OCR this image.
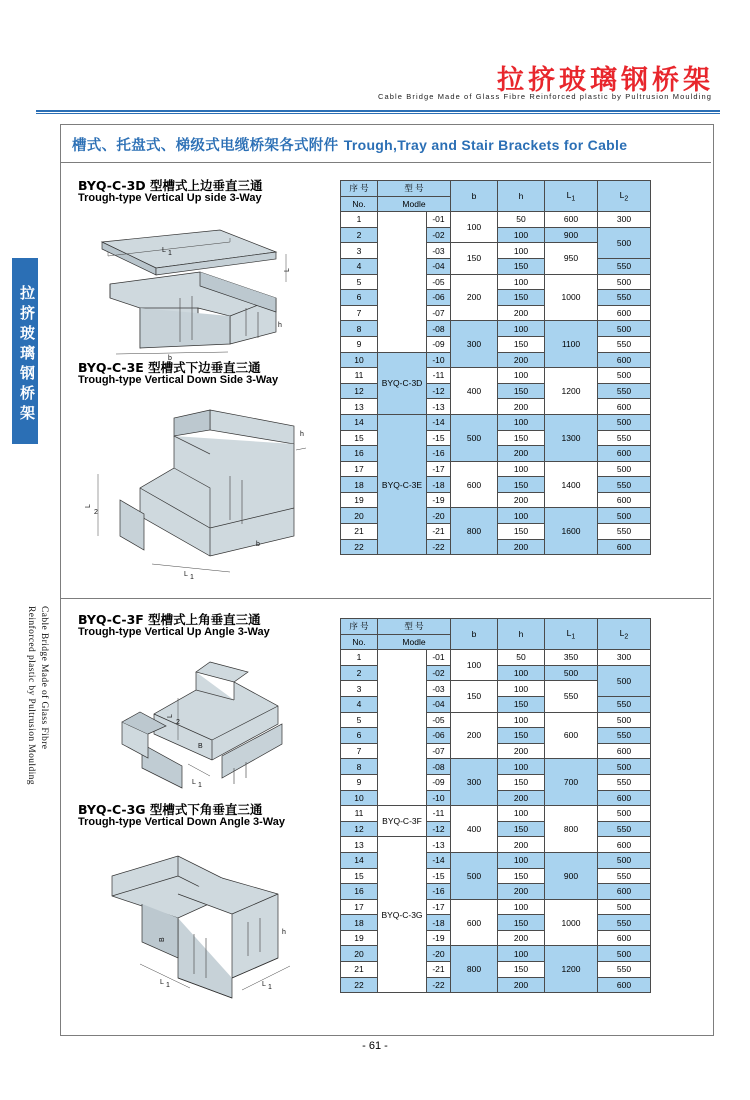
拉挤玻璃钢桥架
Cable Bridge Made of Glass Fibre Reinforced plastic by Pultrusion Moulding
拉挤玻璃钢桥架
Cable Bridge Made of Glass Fibre
Reinforced plastic by Pultrusion Moulding
槽式、托盘式、梯级式电缆桥架各式附件 Trough,Tray and Stair Brackets for Cable
BYQ-C-3D 型槽式上边垂直三通
Trough-type Vertical Up side 3-Way
L 1
L
b
h
BYQ-C-3E 型槽式下边垂直三通
Trough-type Vertical Down Side 3-Way
L
2
L 1
h
b
序 号	型 号		b	h	$L_1$	$L_2$
No.	Modle					
1		-01	100	50	600	300
2		-02		100	900	500
3		-03	150	100	950	
4		-04		150		550
5		-05	200	100	1000	500
6		-06		150		550
7		-07		200		600
8		-08	300	100	1100	500
9		-09		150		550
10	BYQ-C-3D	-10		200		600
11		-11	400	100	1200	500
12		-12		150		550
13		-13		200		600
14	BYQ-C-3E	-14	500	100	1300	500
15		-15		150		550
16		-16		200		600
17		-17	600	100	1400	500
18		-18		150		550
19		-19		200		600
20		-20	800	100	1600	500
21		-21		150		550
22		-22		200		600
BYQ-C-3F 型槽式上角垂直三通
Trough-type Vertical Up Angle 3-Way
L
2
B
L 1
BYQ-C-3G 型槽式下角垂直三通
Trough-type Vertical Down Angle 3-Way
L 1	L 1
B
h
序 号	型 号		b	h	$L_1$	$L_2$
No.	Modle					
1		-01	100	50	350	300
2		-02		100	500	500
3		-03	150	100	550	
4		-04		150		550
5		-05	200	100	600	500
6		-06		150		550
7		-07		200		600
8		-08	300	100	700	500
9		-09		150		550
10		-10		200		600
11	BYQ-C-3F	-11	400	100	800	500
12		-12		150		550
13	BYQ-C-3G	-13		200		600
14		-14	500	100	900	500
15		-15		150		550
16		-16		200		600
17		-17	600	100	1000	500
18		-18		150		550
19		-19		200		600
20		-20	800	100	1200	500
21		-21		150		550
22		-22		200		600
- 61 -
